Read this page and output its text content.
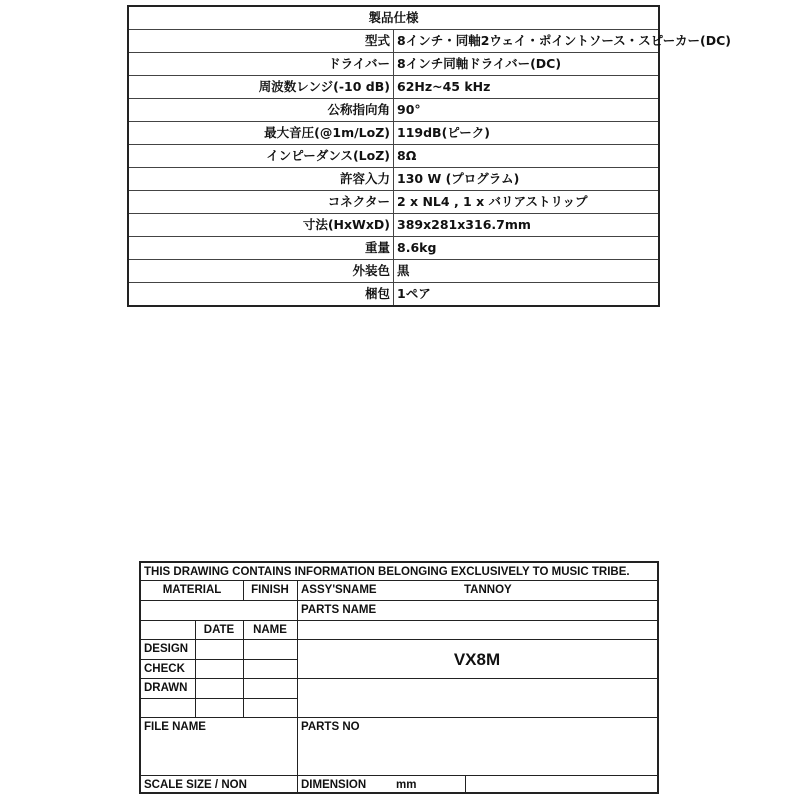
製品仕様	
型式	8インチ・同軸2ウェイ・ポイントソース・スピーカー(DC)
ドライバー	8インチ同軸ドライバー(DC)
周波数レンジ(-10 dB)	62Hz~45 kHz
公称指向角	90°
最大音圧(@1m/LoZ)	119dB(ピーク)
インピーダンス(LoZ)	8Ω
許容入力	130 W (プログラム)
コネクター	2 x NL4 , 1 x バリアストリップ
寸法(HxWxD)	389x281x316.7mm
重量	8.6kg
外装色	黒
梱包	1ペア
THIS DRAWING CONTAINS INFORMATION BELONGING EXCLUSIVELY TO MUSIC TRIBE.
MATERIAL	FINISH	ASSY'SNAME	TANNOY
PARTS NAME
DATE	NAME
DESIGN
CHECK
DRAWN
VX8M
FILE NAME	PARTS NO
SCALE SIZE / NON	DIMENSION	mm
